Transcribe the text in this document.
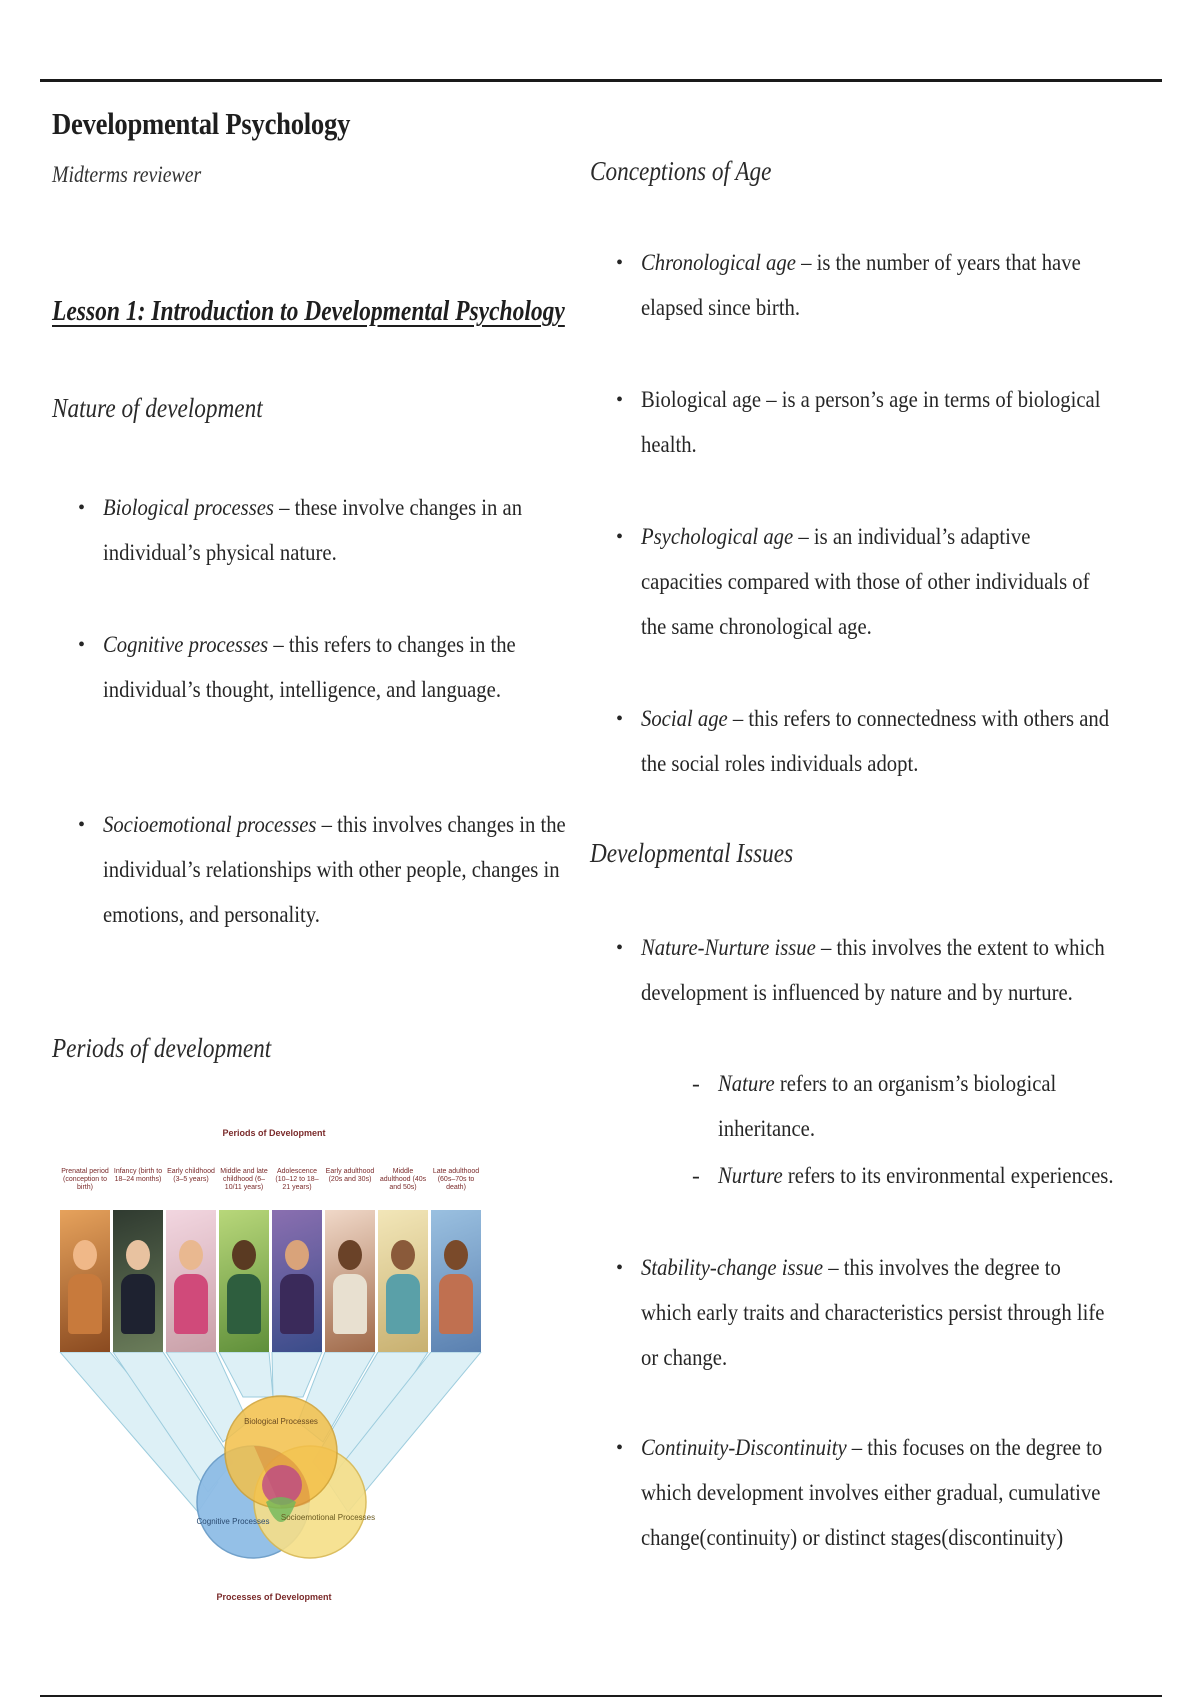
Developmental Psychology
Midterms reviewer
Lesson 1: Introduction to Developmental Psychology
Nature of development
• Biological processes – these involve changes in an individual’s physical nature.
• Cognitive processes – this refers to changes in the individual’s thought, intelligence, and language.
• Socioemotional processes – this involves changes in the individual’s relationships with other people, changes in emotions, and personality.
Periods of development
Periods of Development
Prenatal period (conception to birth)
Infancy (birth to 18–24 months)
Early childhood (3–5 years)
Middle and late childhood (6–10/11 years)
Adolescence (10–12 to 18–21 years)
Early adulthood (20s and 30s)
Middle adulthood (40s and 50s)
Late adulthood (60s–70s to death)
Biological Processes
Cognitive Processes Socioemotional Processes
Processes of Development
Conceptions of Age
• Chronological age – is the number of years that have elapsed since birth.
• Biological age – is a person’s age in terms of biological health.
• Psychological age – is an individual’s adaptive capacities compared with those of other individuals of the same chronological age.
• Social age – this refers to connectedness with others and the social roles individuals adopt.
Developmental Issues
• Nature-Nurture issue – this involves the extent to which development is influenced by nature and by nurture.
• Stability-change issue – this involves the degree to which early traits and characteristics persist through life or change.
• Continuity-Discontinuity – this focuses on the degree to which development involves either gradual, cumulative change(continuity) or distinct stages(discontinuity)
- Nature refers to an organism’s biological inheritance.
- Nurture refers to its environmental experiences.
